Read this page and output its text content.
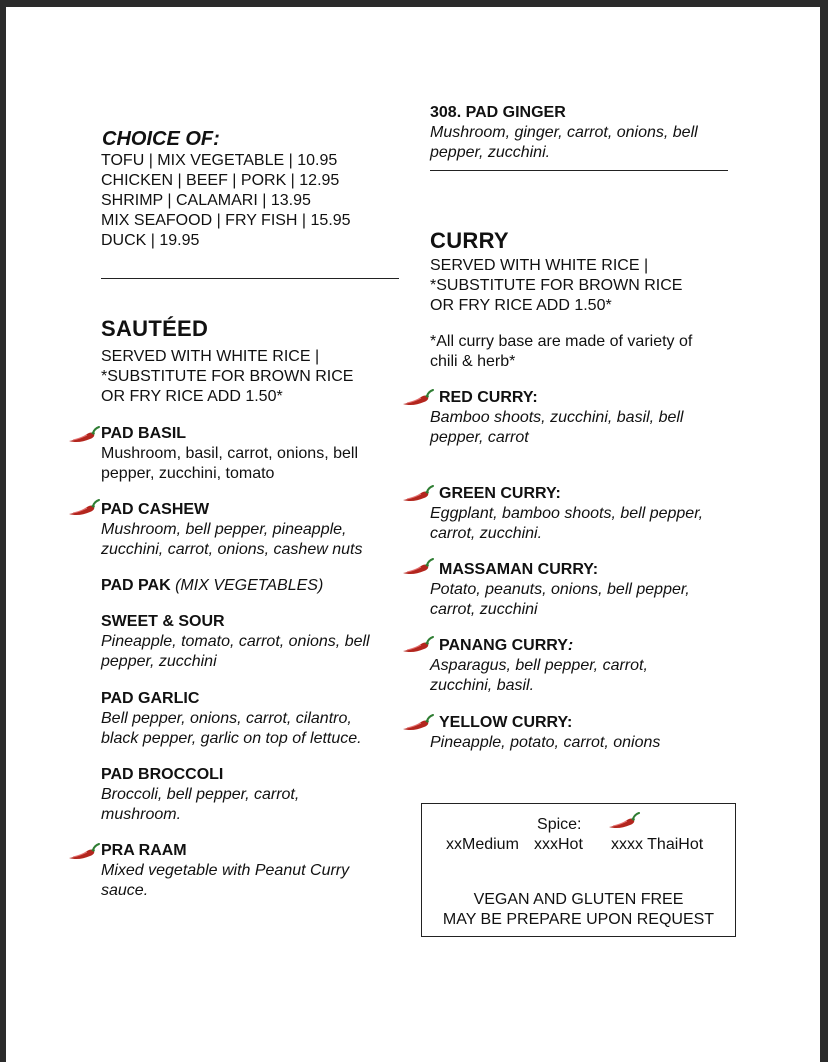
CHOICE OF:
TOFU | MIX VEGETABLE | 10.95
CHICKEN | BEEF | PORK | 12.95
SHRIMP | CALAMARI | 13.95
MIX SEAFOOD | FRY FISH | 15.95
DUCK | 19.95
SAUTÉED
SERVED WITH WHITE RICE |
*SUBSTITUTE FOR BROWN RICE
OR FRY RICE ADD 1.50*
PAD BASIL
Mushroom, basil, carrot, onions, bell
pepper, zucchini, tomato
PAD CASHEW
Mushroom, bell pepper, pineapple,
zucchini, carrot, onions, cashew nuts
PAD PAK (MIX VEGETABLES)
SWEET & SOUR
Pineapple, tomato, carrot, onions, bell
pepper, zucchini
PAD GARLIC
Bell pepper, onions, carrot, cilantro,
black pepper, garlic on top of lettuce.
PAD BROCCOLI
Broccoli, bell pepper, carrot,
mushroom.
PRA RAAM
Mixed vegetable with Peanut Curry
sauce.
308. PAD GINGER
Mushroom, ginger, carrot, onions, bell
pepper, zucchini.
CURRY
SERVED WITH WHITE RICE |
*SUBSTITUTE FOR BROWN RICE
OR FRY RICE ADD 1.50*
*All curry base are made of variety of
chili & herb*
RED CURRY:
Bamboo shoots, zucchini, basil, bell
pepper, carrot
GREEN CURRY:
Eggplant, bamboo shoots, bell pepper,
carrot, zucchini.
MASSAMAN CURRY:
Potato, peanuts, onions, bell pepper,
carrot, zucchini
PANANG CURRY:
Asparagus, bell pepper, carrot,
zucchini, basil.
YELLOW CURRY:
Pineapple, potato, carrot, onions
Spice:
xxMedium xxxHot xxxx ThaiHot
VEGAN AND GLUTEN FREE
MAY BE PREPARE UPON REQUEST
